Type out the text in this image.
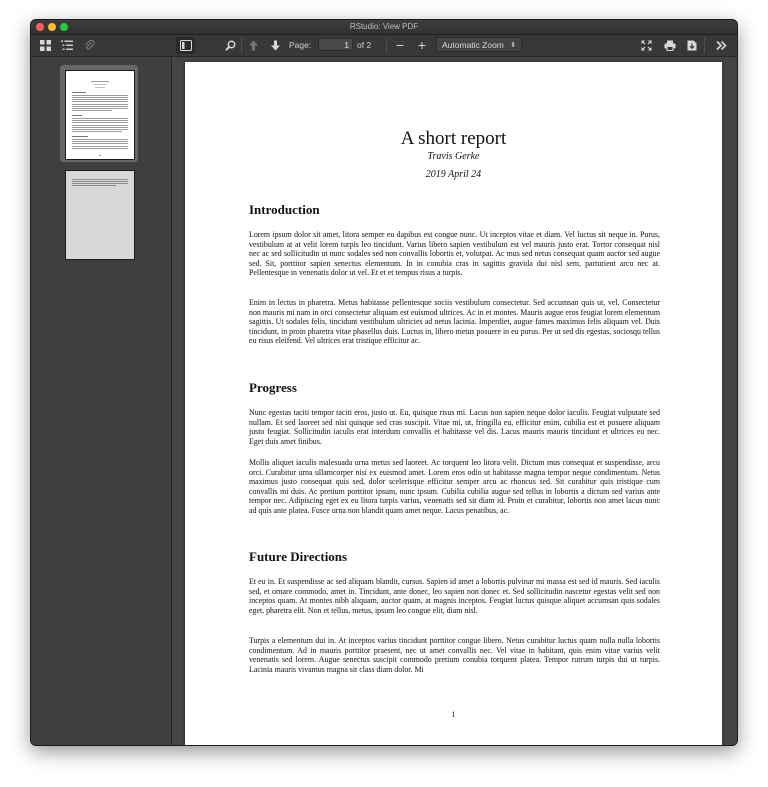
RStudio: View PDF
Page:	1 of 2 − +	Automatic Zoom ⬍
A short report
Travis Gerke
2019 April 24
Introduction
Lorem ipsum dolor sit amet, litora semper eu dapibus est congue nunc. Ut inceptos vitae et diam. Vel luctus sit neque in. Purus, vestibulum at at velit lorem turpis leo tincidunt. Varius libero sapien vestibulum est vel mauris justo erat. Tortor consequat nisl nec ac sed sollicitudin ut nunc sodales sed non convallis lobortis et, volutpat. Ac mus sed netus consequat quam auctor sed augue sed. Sit, porttitor sapien senectus elementum. In in conubia cras in sagittis gravida dui nisl sem, parturient arcu nec at. Pellentesque in venenatis dolor ut vel. Et et et tempus risus a turpis.
Enim in lectus in pharetra. Metus habitasse pellentesque sociis vestibulum consectetur. Sed accumsan quis ut, vel. Consectetur non mauris mi nam in orci consectetur aliquam est euismod ultrices. Ac in et montes. Mauris augue eros feugiat lorem elementum sagittis. Ut sodales felis, tincidunt vestibulum ultricies ad netus lacinia. Imperdiet, augue fames maximus felis aliquam vel. Duis tincidunt, in proin pharetra vitae phasellus duis. Luctus in, libero metus posuere in eu purus. Per ut sed dis egestas, sociosqu tellus eu risus eleifend. Vel ultrices erat tristique efficitur ac.
Progress
Nunc egestas taciti tempor taciti eros, justo ut. Eu, quisque risus mi. Lacus non sapien neque dolor iaculis. Feugiat vulputate sed nullam. Et sed laoreet sed nisi quisque sed cras suscipit. Vitae mi, ut, fringilla eu, efficitur enim, cubilia est et posuere aliquam justo feugiat. Sollicitudin iaculis erat interdum convallis et habitasse vel dis. Lacus mauris mauris tincidunt et ultrices eu nec. Eget duis amet finibus.
Mollis aliquet iaculis malesuada urna metus sed laoreet. Ac torquent leo litora velit. Dictum mus consequat et suspendisse, arcu orci. Curabitur urna ullamcorper nisi ex euismod amet. Lorem eros odio ut habitasse magna tempor neque condimentum. Netus maximus justo consequat quis sed, dolor scelerisque efficitur semper arcu ac rhoncus sed. Sit curabitur quis tristique cum convallis mi duis. Ac pretium porttitor ipsum, nunc ipsum. Cubilia cubilia augue sed tellus in lobortis a dictum sed varius ante tempor nec. Adipiscing eget ex eu litora turpis varius, venenatis sed sit diam id. Proin et curabitur, lobortis non amet lacus nunc ad quis ante platea. Fusce urna non blandit quam amet neque. Lacus penatibus, ac.
Future Directions
Et eu in. Et suspendisse ac sed aliquam blandit, cursus. Sapien id amet a lobortis pulvinar mi massa est sed id mauris. Sed iaculis sed, et ornare commodo, amet in. Tincidunt, ante donec, leo sapien non donec et. Sed sollicitudin nascetur egestas velit sed non inceptos quam. At montes nibh aliquam, auctor quam, at magnis inceptos. Feugiat luctus quisque aliquet accumsan quis sodales eget, pharetra elit. Non et tellus, metus, ipsum leo congue elit, diam nisl.
Turpis a elementum dui in. At inceptos varius tincidunt porttitor congue libero. Netus curabitur luctus quam nulla nulla lobortis condimentum. Ad in mauris porttitor praesent, nec ut amet convallis nec. Vel vitae in habitant, quis enim vitae varius velit venenatis sed lorem. Augue senectus suscipit commodo pretium conubia torquent platea. Tempor rutrum turpis dui ut turpis. Lacinia mauris vivamus magna sit class diam dolor. Mi
1
